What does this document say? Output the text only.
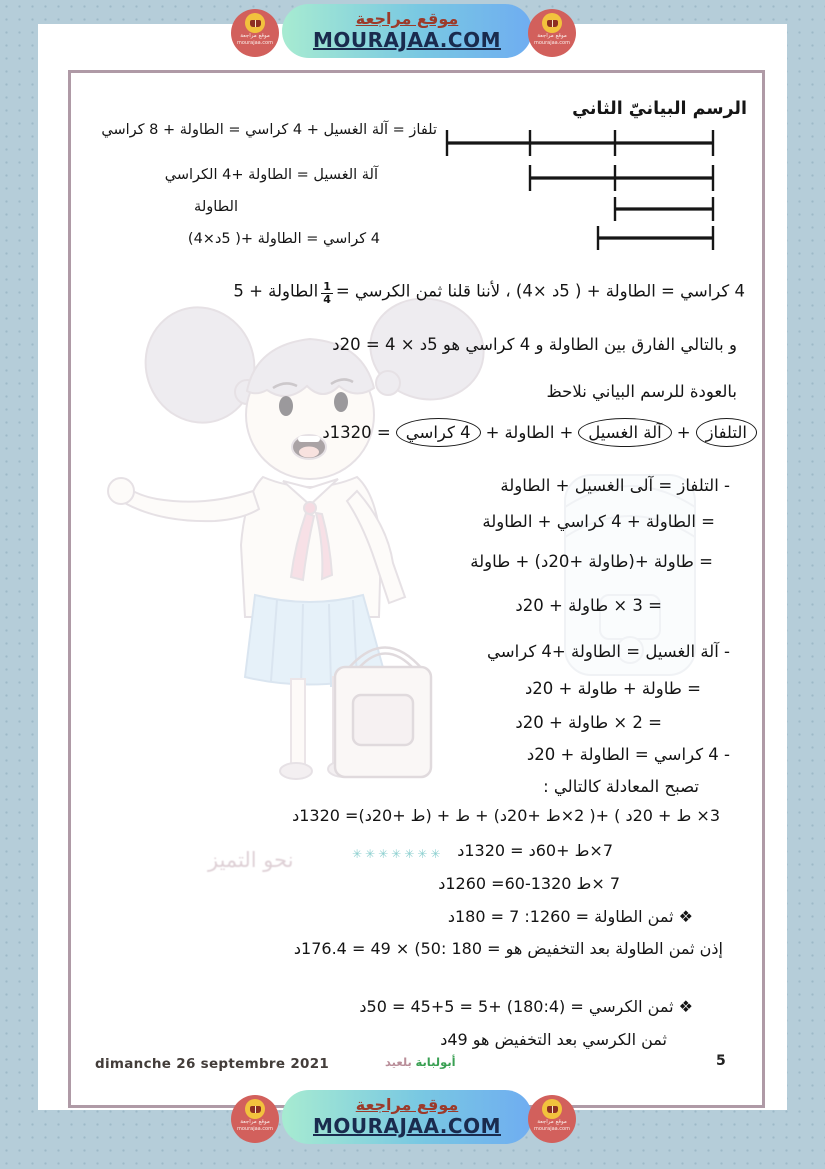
نحو التميز	✳✳✳✳✳✳✳
الرسم البيانيّ الثاني
تلفاز = آلة الغسيل + 4 كراسي = الطاولة + 8 كراسي
آلة الغسيل = الطاولة +4 الكراسي
الطاولة
4 كراسي = الطاولة +( 5د×4)
4 كراسي = الطاولة + ( 5د ×4) ، لأننا قلنا ثمن الكرسي =
$\frac{1}{4}$
الطاولة + 5
و بالتالي الفارق بين الطاولة و 4 كراسي هو 5د × 4 = 20د
بالعودة للرسم البياني نلاحظ
التلفاز
+
آلة الغسيل
+
الطاولة
+
4 كراسي
= 1320د
- التلفاز = آلى الغسيل + الطاولة
= الطاولة + 4 كراسي + الطاولة
= طاولة +(طاولة +20د) + طاولة
= 3 × طاولة + 20د
- آلة الغسيل = الطاولة +4 كراسي
= طاولة + طاولة + 20د
= 2 × طاولة + 20د
- 4 كراسي = الطاولة + 20د
تصبح المعادلة كالتالي :
3× ط + 20د ) +( 2×ط +20د) + ط + (ط +20د)= 1320د
7×ط +60د = 1320د
7 ×ط 1320-60= 1260د
❖ ثمن الطاولة = 1260: 7 = 180د
إذن ثمن الطاولة بعد التخفيض هو = 180 :50) × 49 = 176.4د
❖ ثمن الكرسي = (180:4) +5 = 5+45 = 50د
ثمن الكرسي بعد التخفيض هو 49د
dimanche 26 septembre 2021	أبولبابة بلعيد	5
موقع مراجعة
mourajaa.com
موقع مراجعة
MOURAJAA.COM	موقع مراجعة
mourajaa.com
موقع مراجعة
mourajaa.com
موقع مراجعة
MOURAJAA.COM	موقع مراجعة
mourajaa.com
